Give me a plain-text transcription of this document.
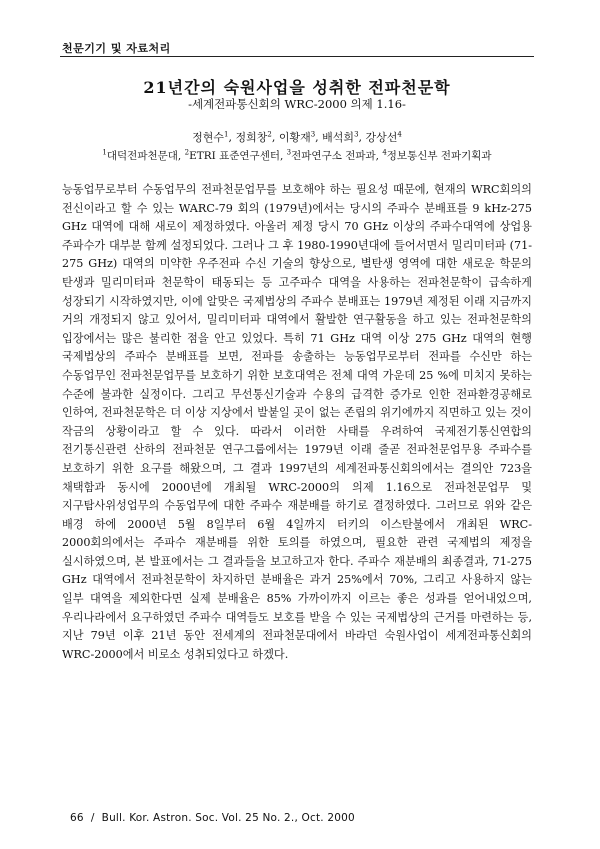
천문기기 및 자료처리
21년간의 숙원사업을 성취한 전파천문학
-세계전파통신회의 WRC-2000 의제 1.16-
정현수$^1$, 정희창$^2$, 이황재$^3$, 배석희$^3$, 강상선$^4$
$^1$대덕전파천문대, $^2$ETRI 표준연구센터, $^3$전파연구소 전파과, $^4$정보통신부 전파기획과
능동업무로부터 수동업무의 전파천문업무를 보호해야 하는 필요성 때문에, 현재의 WRC회의의 전신이라고 할 수 있는 WARC-79 회의 (1979년)에서는 당시의 주파수 분배표를 9 kHz-275 GHz 대역에 대해 새로이 제정하였다. 아울러 제정 당시 70 GHz 이상의 주파수대역에 상업용 주파수가 대부분 함께 설정되었다. 그러나 그 후 1980-1990년대에 들어서면서 밀리미터파 (71-275 GHz) 대역의 미약한 우주전파 수신 기술의 향상으로, 별탄생 영역에 대한 새로운 학문의 탄생과 밀리미터파 천문학이 태동되는 등 고주파수 대역을 사용하는 전파천문학이 급속하게 성장되기 시작하였지만, 이에 알맞은 국제법상의 주파수 분배표는 1979년 제정된 이래 지금까지 거의 개정되지 않고 있어서, 밀리미터파 대역에서 활발한 연구활동을 하고 있는 전파천문학의 입장에서는 많은 불리한 점을 안고 있었다. 특히 71 GHz 대역 이상 275 GHz 대역의 현행 국제법상의 주파수 분배표를 보면, 전파를 송출하는 능동업무로부터 전파를 수신만 하는 수동업무인 전파천문업무를 보호하기 위한 보호대역은 전체 대역 가운데 25 %에 미치지 못하는 수준에 불과한 실정이다. 그리고 무선통신기술과 수용의 급격한 증가로 인한 전파환경공해로 인하여, 전파천문학은 더 이상 지상에서 발붙일 곳이 없는 존립의 위기에까지 직면하고 있는 것이 작금의 상황이라고 할 수 있다. 따라서 이러한 사태를 우려하여 국제전기통신연합의 전기통신관련 산하의 전파천문 연구그룹에서는 1979년 이래 줄곧 전파천문업무용 주파수를 보호하기 위한 요구를 해왔으며, 그 결과 1997년의 세계전파통신회의에서는 결의안 723을 채택함과 동시에 2000년에 개최될 WRC-2000의 의제 1.16으로 전파천문업무 및 지구탐사위성업무의 수동업무에 대한 주파수 재분배를 하기로 결정하였다. 그러므로 위와 같은 배경 하에 2000년 5월 8일부터 6월 4일까지 터키의 이스탄불에서 개최된 WRC-2000회의에서는 주파수 재분배를 위한 토의를 하였으며, 필요한 관련 국제법의 제정을 실시하였으며, 본 발표에서는 그 결과들을 보고하고자 한다. 주파수 재분배의 최종결과, 71-275 GHz 대역에서 전파천문학이 차지하던 분배율은 과거 25%에서 70%, 그리고 사용하지 않는 일부 대역을 제외한다면 실제 분배율은 85% 가까이까지 이르는 좋은 성과를 얻어내었으며, 우리나라에서 요구하였던 주파수 대역들도 보호를 받을 수 있는 국제법상의 근거를 마련하는 등, 지난 79년 이후 21년 동안 전세계의 전파천문대에서 바라던 숙원사업이 세계전파통신회의 WRC-2000에서 비로소 성취되었다고 하겠다.
66 / Bull. Kor. Astron. Soc. Vol. 25 No. 2., Oct. 2000
